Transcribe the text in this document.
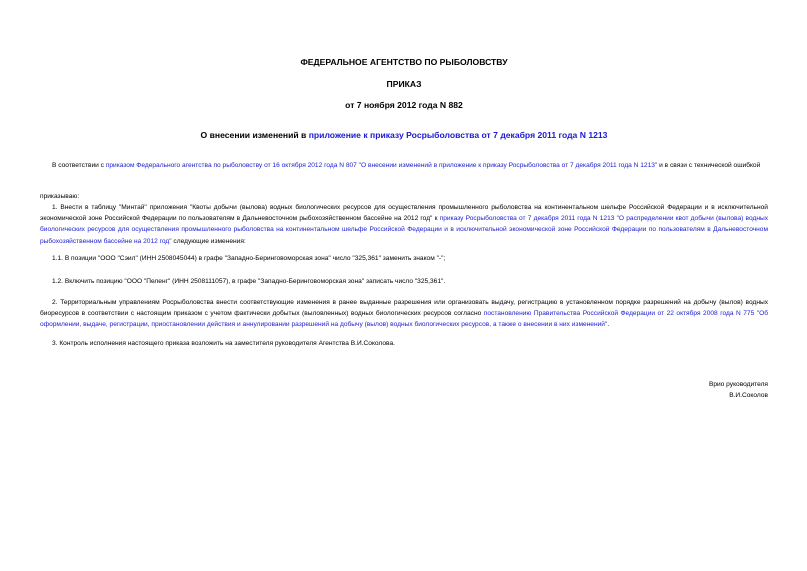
ФЕДЕРАЛЬНОЕ АГЕНТСТВО ПО РЫБОЛОВСТВУ
ПРИКАЗ
от 7 ноября 2012 года N 882
О внесении изменений в приложение к приказу Росрыболовства от 7 декабря 2011 года N 1213
В соответствии с приказом Федерального агентства по рыболовству от 16 октября 2012 года N 807 "О внесении изменений в приложение к приказу Росрыболовства от 7 декабря 2011 года N 1213" и в связи с технической ошибкой
приказываю:
1. Внести в таблицу "Минтай" приложения "Квоты добычи (вылова) водных биологических ресурсов для осуществления промышленного рыболовства на континентальном шельфе Российской Федерации и в исключительной экономической зоне Российской Федерации по пользователям в Дальневосточном рыбохозяйственном бассейне на 2012 год" к приказу Росрыболовства от 7 декабря 2011 года N 1213 "О распределении квот добычи (вылова) водных биологических ресурсов для осуществления промышленного рыболовства на континентальном шельфе Российской Федерации и в исключительной экономической зоне Российской Федерации по пользователям в Дальневосточном рыбохозяйственном бассейне на 2012 год" следующие изменения:
1.1. В позиции "ООО "Сэил" (ИНН 2508045044) в графе "Западно-Беринговоморская зона" число "325,361" заменить знаком "-";
1.2. Включить позицию "ООО "Пеленг" (ИНН 2508111057), в графе "Западно-Беринговоморская зона" записать число "325,361".
2. Территориальным управлениям Росрыболовства внести соответствующие изменения в ранее выданные разрешения или организовать выдачу, регистрацию в установленном порядке разрешений на добычу (вылов) водных биоресурсов в соответствии с настоящим приказом с учетом фактически добытых (выловленных) водных биологических ресурсов согласно постановлению Правительства Российской Федерации от 22 октября 2008 года N 775 "Об оформлении, выдаче, регистрации, приостановлении действия и аннулировании разрешений на добычу (вылов) водных биологических ресурсов, а также о внесении в них изменений".
3. Контроль исполнения настоящего приказа возложить на заместителя руководителя Агентства В.И.Соколова.
Врио руководителя
В.И.Соколов
